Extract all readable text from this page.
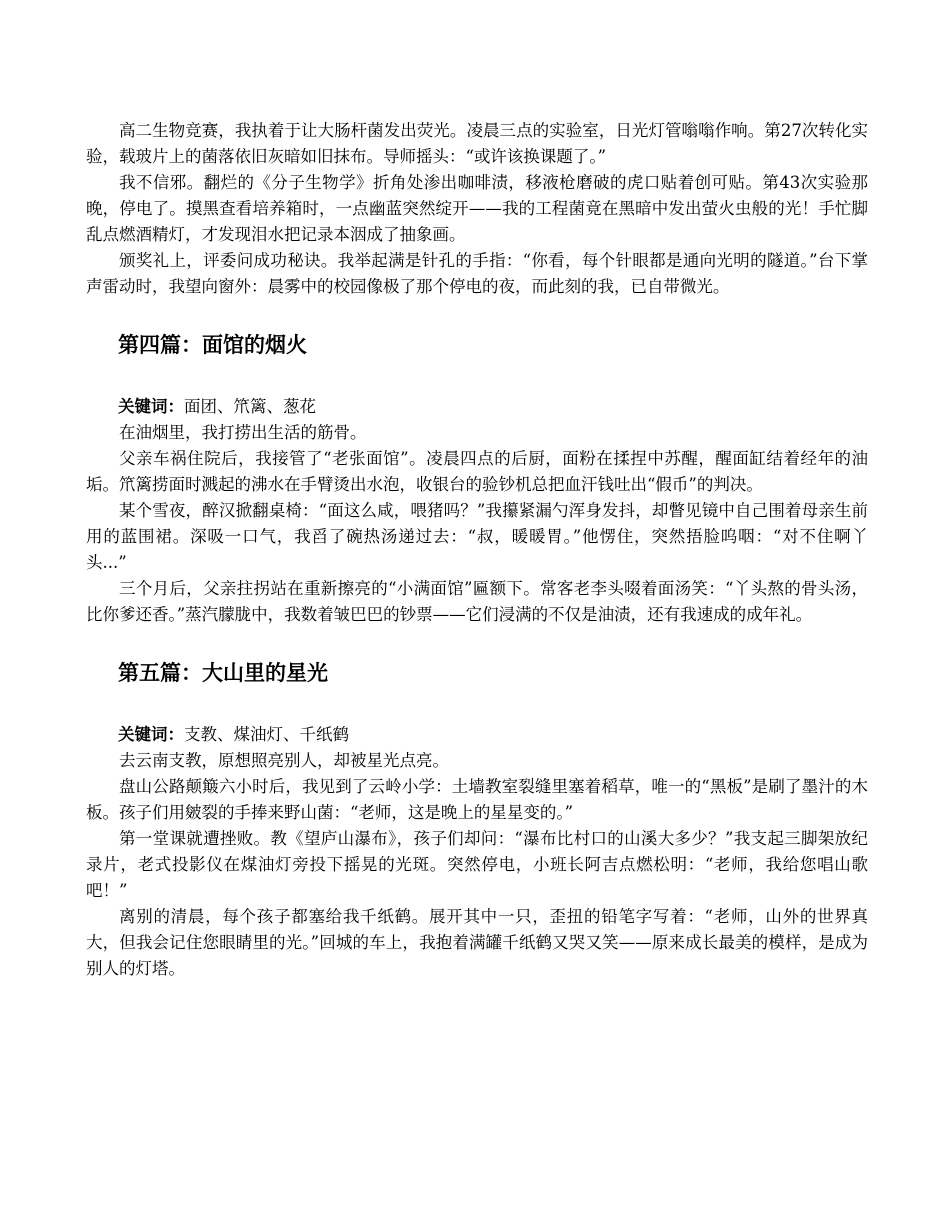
高二生物竞赛，我执着于让大肠杆菌发出荧光。凌晨三点的实验室，日光灯管嗡嗡作响。第27次转化实验，载玻片上的菌落依旧灰暗如旧抹布。导师摇头：“或许该换课题了。”

我不信邪。翻烂的《分子生物学》折角处渗出咖啡渍，移液枪磨破的虎口贴着创可贴。第43次实验那晚，停电了。摸黑查看培养箱时，一点幽蓝突然绽开——我的工程菌竟在黑暗中发出萤火虫般的光！手忙脚乱点燃酒精灯，才发现泪水把记录本洇成了抽象画。

颁奖礼上，评委问成功秘诀。我举起满是针孔的手指：“你看，每个针眼都是通向光明的隧道。”台下掌声雷动时，我望向窗外：晨雾中的校园像极了那个停电的夜，而此刻的我，已自带微光。

第四篇：面馆的烟火

关键词：面团、笊篱、葱花

在油烟里，我打捞出生活的筋骨。

父亲车祸住院后，我接管了“老张面馆”。凌晨四点的后厨，面粉在揉捏中苏醒，醒面缸结着经年的油垢。笊篱捞面时溅起的沸水在手臂烫出水泡，收银台的验钞机总把血汗钱吐出“假币”的判决。

某个雪夜，醉汉掀翻桌椅：“面这么咸，喂猪吗？”我攥紧漏勺浑身发抖，却瞥见镜中自己围着母亲生前用的蓝围裙。深吸一口气，我舀了碗热汤递过去：“叔，暖暖胃。”他愣住，突然捂脸呜咽：“对不住啊丫头...”

三个月后，父亲拄拐站在重新擦亮的“小满面馆”匾额下。常客老李头啜着面汤笑：“丫头熬的骨头汤，比你爹还香。”蒸汽朦胧中，我数着皱巴巴的钞票——它们浸满的不仅是油渍，还有我速成的成年礼。

第五篇：大山里的星光

关键词：支教、煤油灯、千纸鹤

去云南支教，原想照亮别人，却被星光点亮。

盘山公路颠簸六小时后，我见到了云岭小学：土墙教室裂缝里塞着稻草，唯一的“黑板”是刷了墨汁的木板。孩子们用皴裂的手捧来野山菌：“老师，这是晚上的星星变的。”

第一堂课就遭挫败。教《望庐山瀑布》，孩子们却问：“瀑布比村口的山溪大多少？”我支起三脚架放纪录片，老式投影仪在煤油灯旁投下摇晃的光斑。突然停电，小班长阿吉点燃松明：“老师，我给您唱山歌吧！”

离别的清晨，每个孩子都塞给我千纸鹤。展开其中一只，歪扭的铅笔字写着：“老师，山外的世界真大，但我会记住您眼睛里的光。”回城的车上，我抱着满罐千纸鹤又哭又笑——原来成长最美的模样，是成为别人的灯塔。
